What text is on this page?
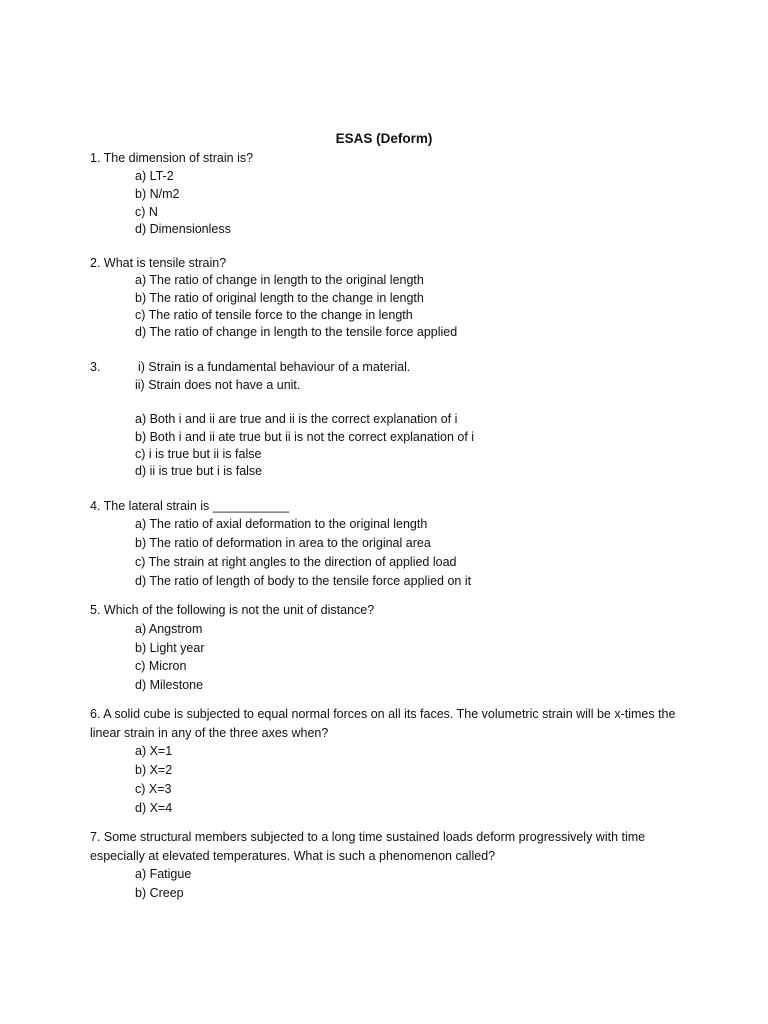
ESAS (Deform)
1. The dimension of strain is?
a) LT-2
b) N/m2
c) N
d) Dimensionless
2. What is tensile strain?
a) The ratio of change in length to the original length
b) The ratio of original length to the change in length
c) The ratio of tensile force to the change in length
d) The ratio of change in length to the tensile force applied
3.	i) Strain is a fundamental behaviour of a material.
ii) Strain does not have a unit.
a) Both i and ii are true and ii is the correct explanation of i
b) Both i and ii ate true but ii is not the correct explanation of i
c) i is true but ii is false
d) ii is true but i is false
4. The lateral strain is ___________
a) The ratio of axial deformation to the original length
b) The ratio of deformation in area to the original area
c) The strain at right angles to the direction of applied load
d) The ratio of length of body to the tensile force applied on it
5. Which of the following is not the unit of distance?
a) Angstrom
b) Light year
c) Micron
d) Milestone
6. A solid cube is subjected to equal normal forces on all its faces. The volumetric strain will be x-times the linear strain in any of the three axes when?
a) X=1
b) X=2
c) X=3
d) X=4
7. Some structural members subjected to a long time sustained loads deform progressively with time especially at elevated temperatures. What is such a phenomenon called?
a) Fatigue
b) Creep
